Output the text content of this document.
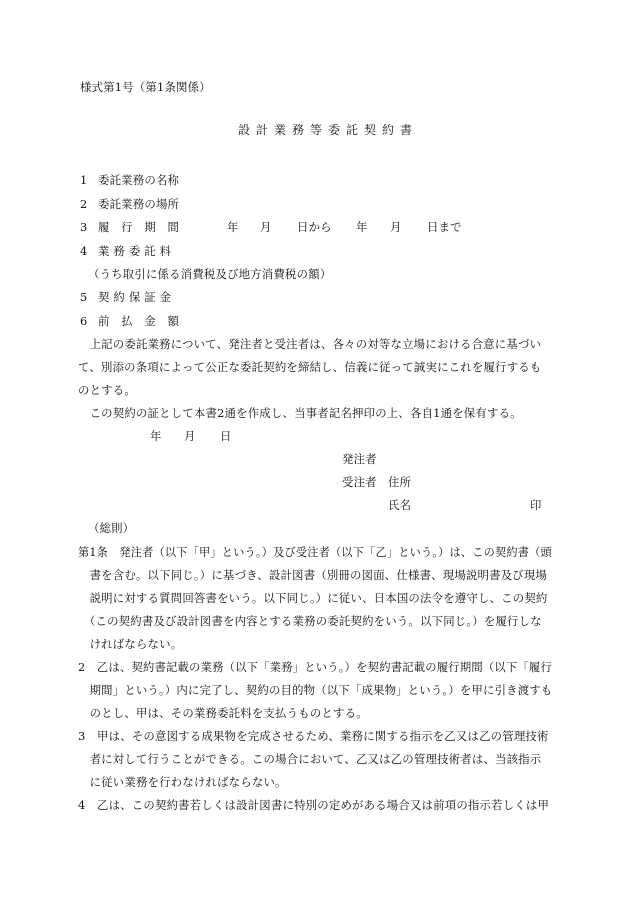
様式第1号（第1条関係）
設計業務等委託契約書
1 委託業務の名称
2 委託業務の場所
3 履　行　期　間	年 月 日から 年 月 日まで
4 業 務 委 託 料
（うち取引に係る消費税及び地方消費税の額）
5 契 約 保 証 金
6 前　払　金　額
　上記の委託業務について、発注者と受注者は、各々の対等な立場における合意に基づい
て、別添の条項によって公正な委託契約を締結し、信義に従って誠実にこれを履行するも
のとする。
　この契約の証として本書2通を作成し、当事者記名押印の上、各自1通を保有する。
年 月 日
発注者
受注者 住所
氏名	印
（総則）
第1条　発注者（以下「甲」という。）及び受注者（以下「乙」という。）は、この契約書（頭
　書を含む。以下同じ。）に基づき、設計図書（別冊の図面、仕様書、現場説明書及び現場
　説明に対する質問回答書をいう。以下同じ。）に従い、日本国の法令を遵守し、この契約
　（この契約書及び設計図書を内容とする業務の委託契約をいう。以下同じ。）を履行しな
　ければならない。
2　乙は、契約書記載の業務（以下「業務」という。）を契約書記載の履行期間（以下「履行
　期間」という。）内に完了し、契約の目的物（以下「成果物」という。）を甲に引き渡すも
　のとし、甲は、その業務委託料を支払うものとする。
3　甲は、その意図する成果物を完成させるため、業務に関する指示を乙又は乙の管理技術
　者に対して行うことができる。この場合において、乙又は乙の管理技術者は、当該指示
　に従い業務を行わなければならない。
4　乙は、この契約書若しくは設計図書に特別の定めがある場合又は前項の指示若しくは甲
